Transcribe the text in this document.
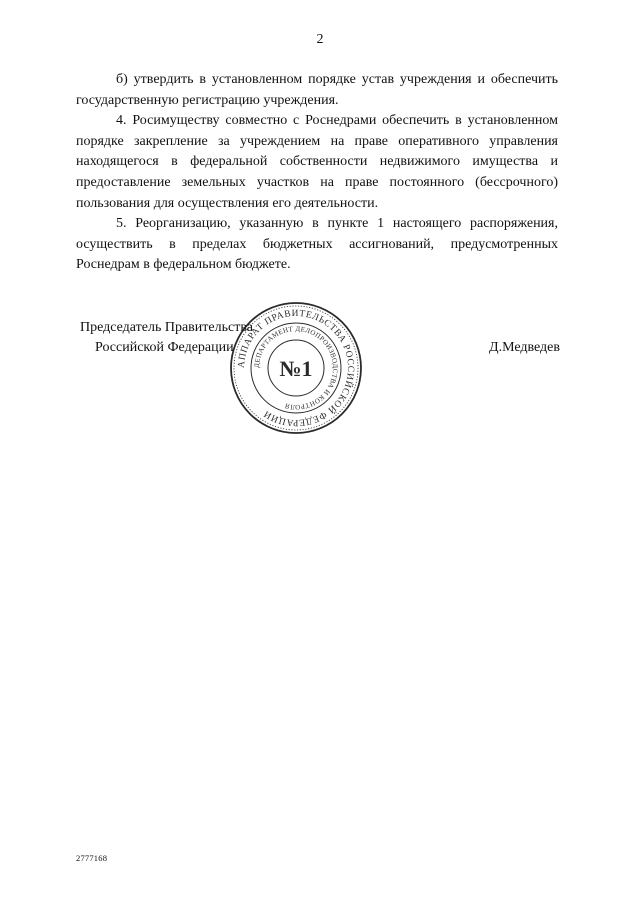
2

б) утвердить в установленном порядке устав учреждения и обеспечить государственную регистрацию учреждения.

4. Росимуществу совместно с Роснедрами обеспечить в установленном порядке закрепление за учреждением на праве оперативного управления находящегося в федеральной собственности недвижимого имущества и предоставление земельных участков на праве постоянного (бессрочного) пользования для осуществления его деятельности.

5. Реорганизацию, указанную в пункте 1 настоящего распоряжения, осуществить в пределах бюджетных ассигнований, предусмотренных Роснедрам в федеральном бюджете.

Председатель Правительства
Российской Федерации	Д.Медведев
АППАРАТ ПРАВИТЕЛЬСТВА РОССИЙСКОЙ ФЕДЕРАЦИИ
ДЕПАРТАМЕНТ ДЕЛОПРОИЗВОДСТВА И КОНТРОЛЯ
№1
2777168
